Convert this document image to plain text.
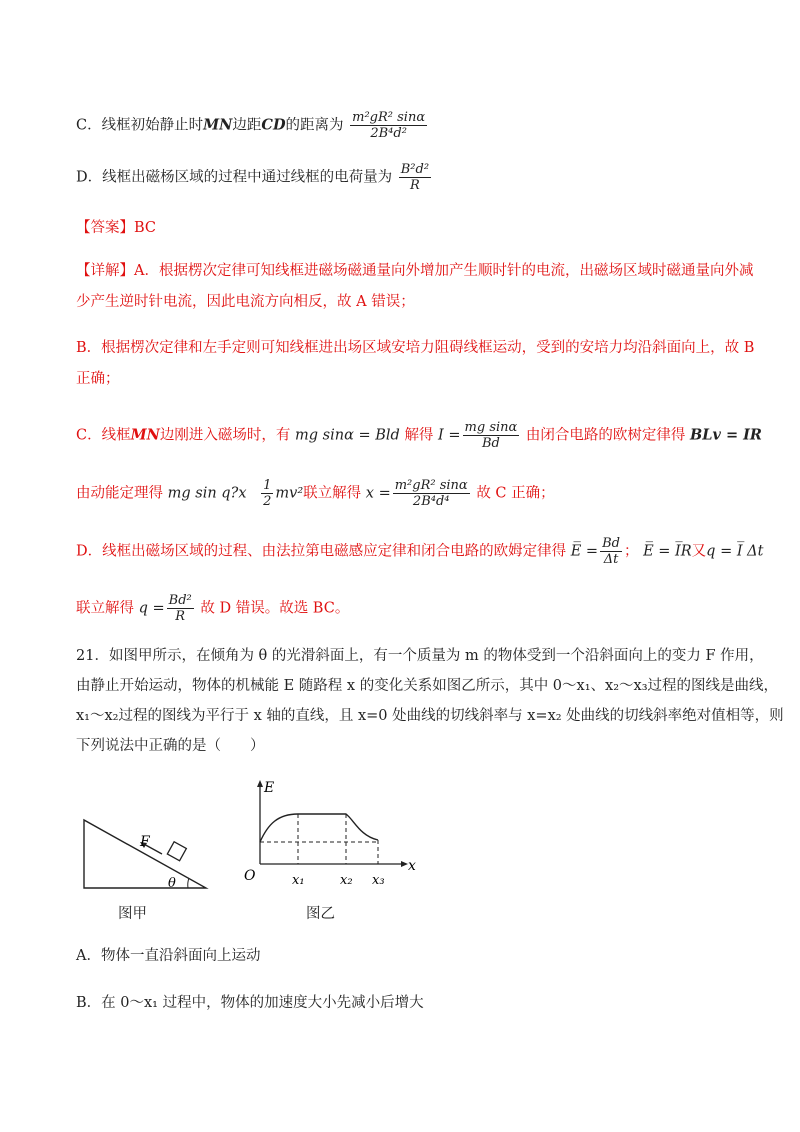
C．线框初始静止时MN边距CD的距离为 $\frac{\text{m²gR² sinα}}{\text{2B⁴d²}}$
D．线框出磁杨区域的过程中通过线框的电荷量为 $\frac{\text{B²d²}}{R}$
【答案】BC
【详解】A．根据楞次定律可知线框进磁场磁通量向外增加产生顺时针的电流，出磁场区域时磁通量向外减
少产生逆时针电流，因此电流方向相反，故 A 错误；
B．根据楞次定律和左手定则可知线框进出场区域安培力阻碍线框运动，受到的安培力均沿斜面向上，故 B
正确；
C．线框MN边刚进入磁场时，有 mg sinα = Bld 解得 $I = \frac{\text{mg sinα}}{Bd}$ 由闭合电路的欧树定律得 BLv = IR
由动能定理得 mg sin q?x $\frac{1}{2} mv^2$联立解得 $x = \frac{\text{m²gR² sinα}}{\text{2B⁴d⁴}}$ 故 C 正确；
D．线框出磁场区域的过程、由法拉第电磁感应定律和闭合电路的欧姆定律得 E̅ = $\frac{Bd}{\Delta t}$ ； E̅ = I̅R又q = I̅ Δt
联立解得 $q = \frac{\text{Bd²}}{R}$ 故 D 错误。故选 BC。
21．如图甲所示，在倾角为 θ 的光滑斜面上，有一个质量为 m 的物体受到一个沿斜面向上的变力 F 作用，
由静止开始运动，物体的机械能 E 随路程 x 的变化关系如图乙所示，其中 0～x₁、x₂～x₃过程的图线是曲线，
x₁～x₂过程的图线为平行于 x 轴的直线，且 x=0 处曲线的切线斜率与 x=x₂ 处曲线的切线斜率绝对值相等，则
下列说法中正确的是（　　）
F
θ
图甲
E
x
O	x₁	x₂ x₃
图乙
A．物体一直沿斜面向上运动
B．在 0～x₁ 过程中，物体的加速度大小先减小后增大
